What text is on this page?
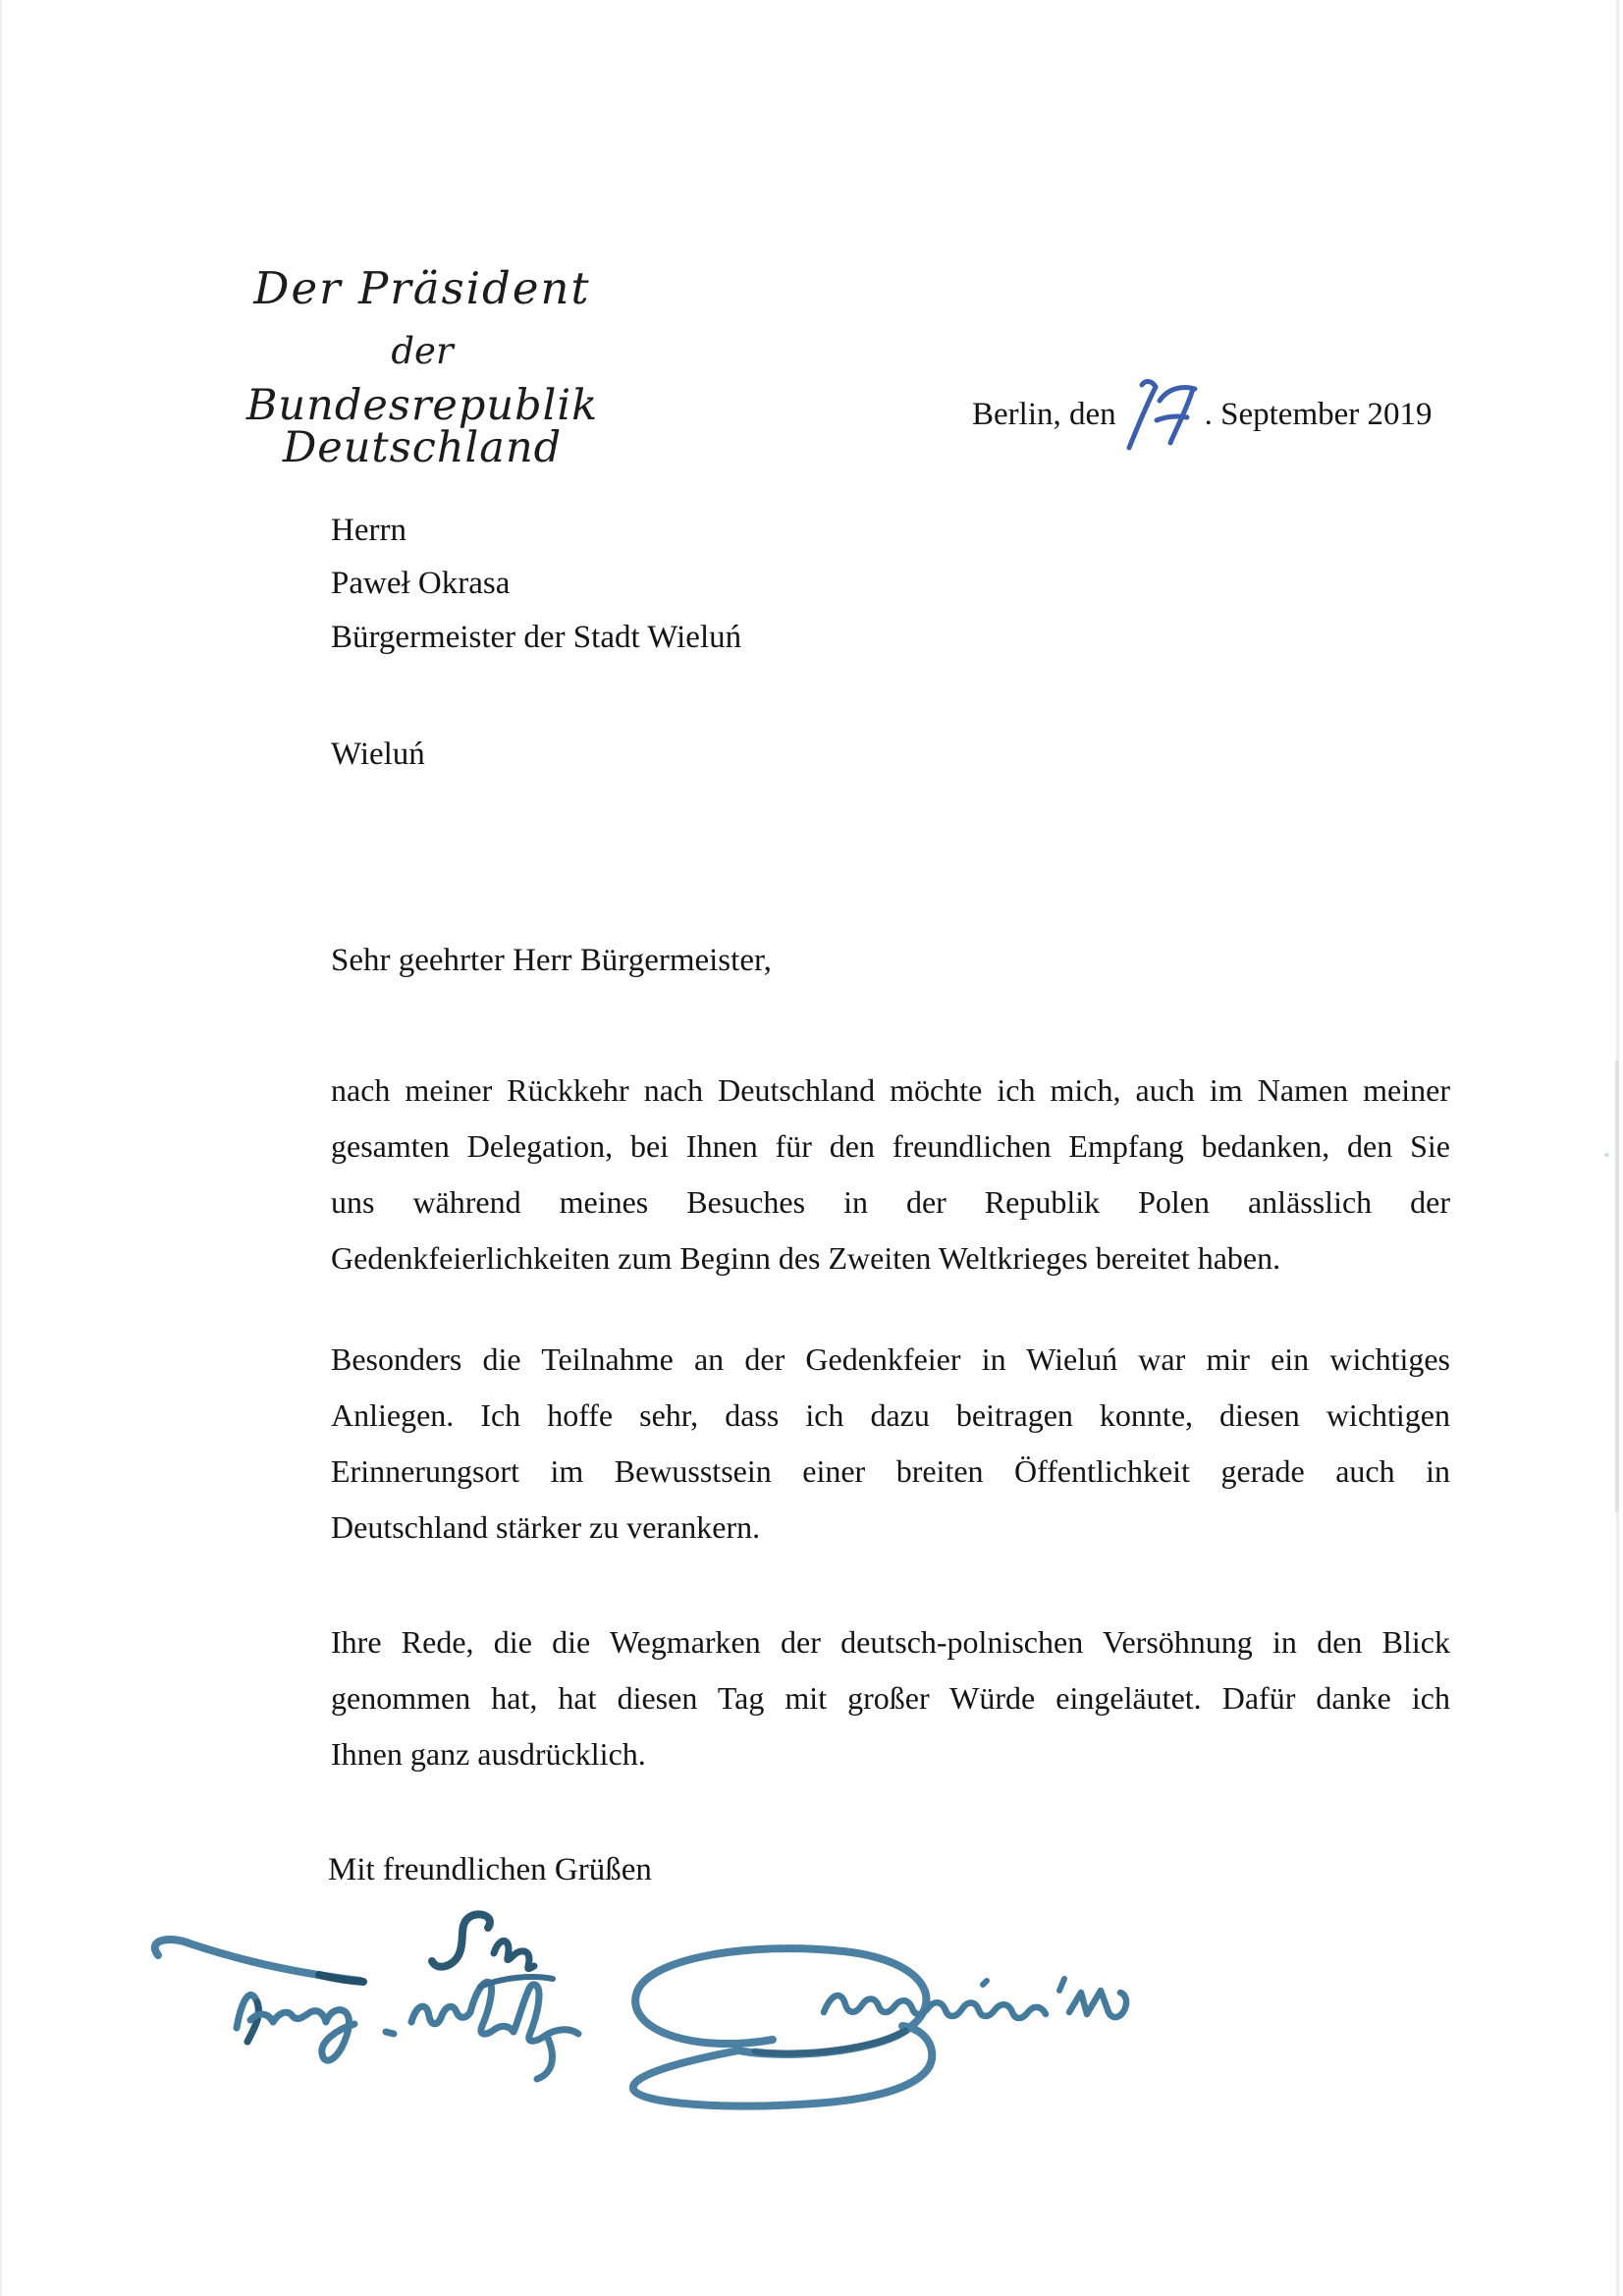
Der Präsident
der
Bundesrepublik Deutschland
Berlin, den	. September 2019
Herrn
Paweł Okrasa
Bürgermeister der Stadt Wieluń
Wieluń
Sehr geehrter Herr Bürgermeister,
nach meiner Rückkehr nach Deutschland möchte ich mich, auch im Namen meiner
gesamten Delegation, bei Ihnen für den freundlichen Empfang bedanken, den Sie
uns während meines Besuches in der Republik Polen anlässlich der
Gedenkfeierlichkeiten zum Beginn des Zweiten Weltkrieges bereitet haben.
Besonders die Teilnahme an der Gedenkfeier in Wieluń war mir ein wichtiges
Anliegen. Ich hoffe sehr, dass ich dazu beitragen konnte, diesen wichtigen
Erinnerungsort im Bewusstsein einer breiten Öffentlichkeit gerade auch in
Deutschland stärker zu verankern.
Ihre Rede, die die Wegmarken der deutsch-polnischen Versöhnung in den Blick
genommen hat, hat diesen Tag mit großer Würde eingeläutet. Dafür danke ich
Ihnen ganz ausdrücklich.
Mit freundlichen Grüßen
